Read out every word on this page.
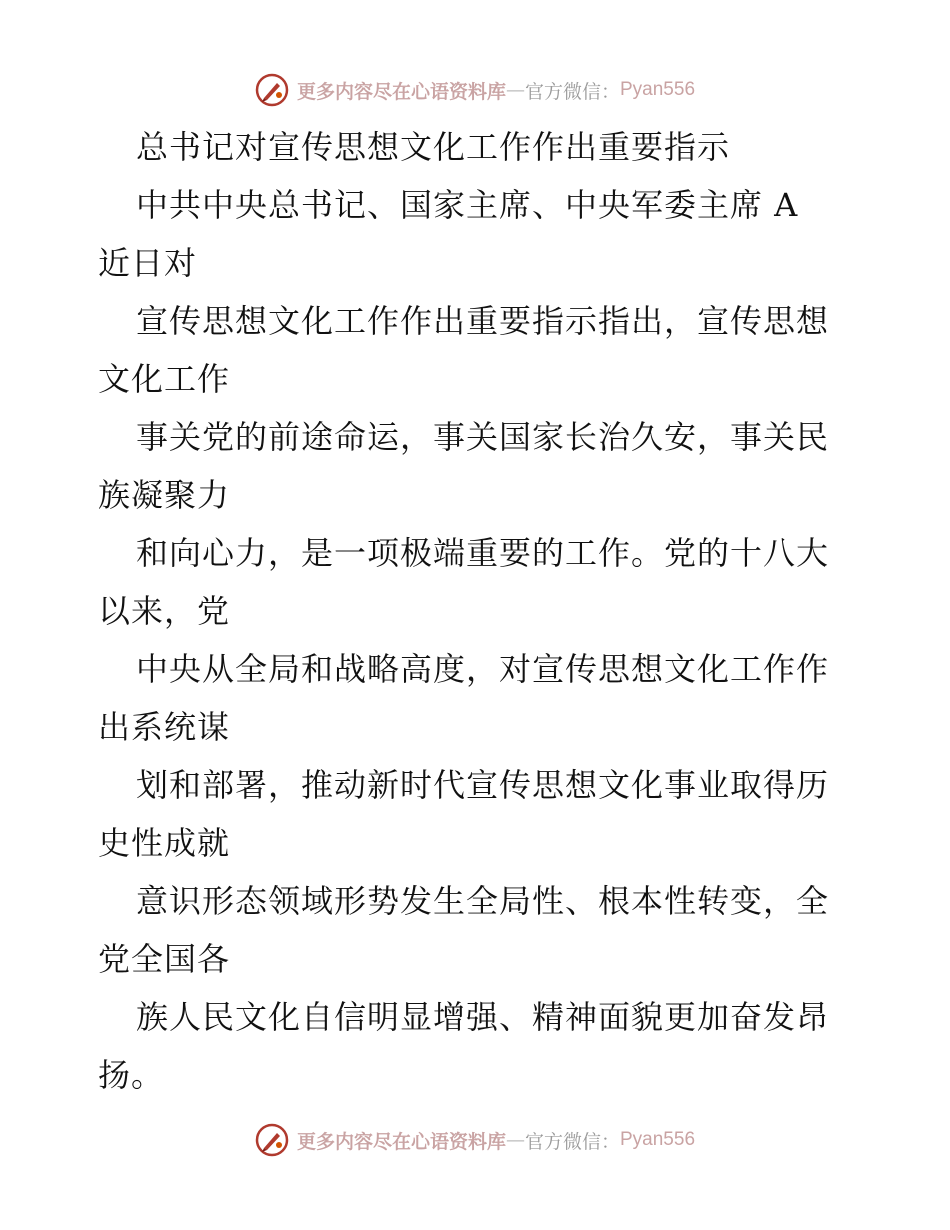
更多内容尽在心语资料库 — 官方微信： Pyan556
总书记对宣传思想文化工作作出重要指示
中共中央总书记、国家主席、中央军委主席 A
近日对
宣传思想文化工作作出重要指示指出，宣传思想
文化工作
事关党的前途命运，事关国家长治久安，事关民
族凝聚力
和向心力，是一项极端重要的工作。党的十八大
以来，党
中央从全局和战略高度，对宣传思想文化工作作
出系统谋
划和部署，推动新时代宣传思想文化事业取得历
史性成就
意识形态领域形势发生全局性、根本性转变，全
党全国各
族人民文化自信明显增强、精神面貌更加奋发昂
扬。
更多内容尽在心语资料库 — 官方微信： Pyan556
